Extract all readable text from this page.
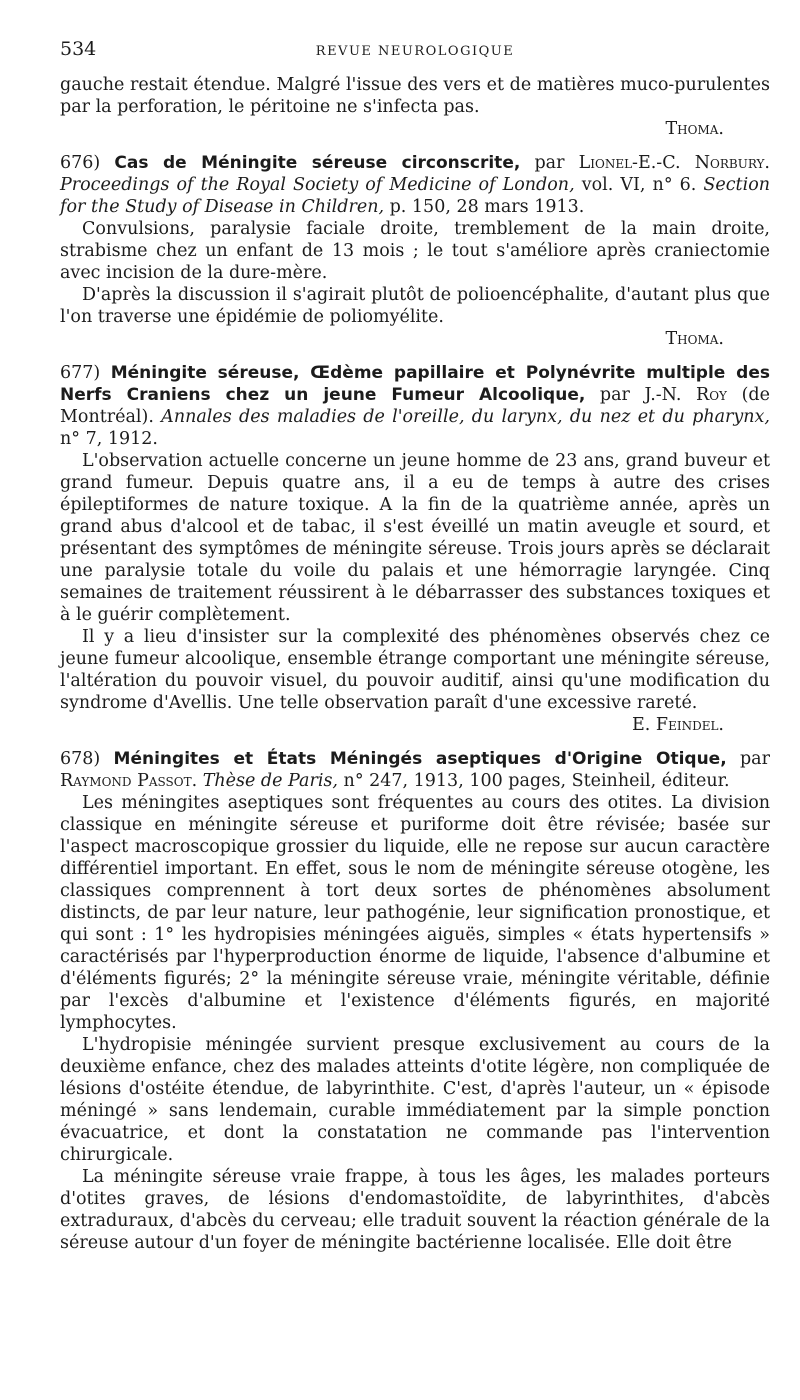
534	REVUE NEUROLOGIQUE

gauche restait étendue. Malgré l'issue des vers et de matières muco-purulentes par la perforation, le péritoine ne s'infecta pas.

Thoma.

676) Cas de Méningite séreuse circonscrite, par Lionel-E.-C. Norbury. Proceedings of the Royal Society of Medicine of London, vol. VI, n° 6. Section for the Study of Disease in Children, p. 150, 28 mars 1913.

Convulsions, paralysie faciale droite, tremblement de la main droite, strabisme chez un enfant de 13 mois ; le tout s'améliore après craniectomie avec incision de la dure-mère.

D'après la discussion il s'agirait plutôt de polioencéphalite, d'autant plus que l'on traverse une épidémie de poliomyélite.

Thoma.

677) Méningite séreuse, Œdème papillaire et Polynévrite multiple des Nerfs Craniens chez un jeune Fumeur Alcoolique, par J.-N. Roy (de Montréal). Annales des maladies de l'oreille, du larynx, du nez et du pharynx, n° 7, 1912.

L'observation actuelle concerne un jeune homme de 23 ans, grand buveur et grand fumeur. Depuis quatre ans, il a eu de temps à autre des crises épileptiformes de nature toxique. A la fin de la quatrième année, après un grand abus d'alcool et de tabac, il s'est éveillé un matin aveugle et sourd, et présentant des symptômes de méningite séreuse. Trois jours après se déclarait une paralysie totale du voile du palais et une hémorragie laryngée. Cinq semaines de traitement réussirent à le débarrasser des substances toxiques et à le guérir complètement.

Il y a lieu d'insister sur la complexité des phénomènes observés chez ce jeune fumeur alcoolique, ensemble étrange comportant une méningite séreuse, l'altération du pouvoir visuel, du pouvoir auditif, ainsi qu'une modification du syndrome d'Avellis. Une telle observation paraît d'une excessive rareté.

E. Feindel.

678) Méningites et États Méningés aseptiques d'Origine Otique, par Raymond Passot. Thèse de Paris, n° 247, 1913, 100 pages, Steinheil, éditeur.

Les méningites aseptiques sont fréquentes au cours des otites. La division classique en méningite séreuse et puriforme doit être révisée; basée sur l'aspect macroscopique grossier du liquide, elle ne repose sur aucun caractère différentiel important. En effet, sous le nom de méningite séreuse otogène, les classiques comprennent à tort deux sortes de phénomènes absolument distincts, de par leur nature, leur pathogénie, leur signification pronostique, et qui sont : 1° les hydropisies méningées aiguës, simples « états hypertensifs » caractérisés par l'hyperproduction énorme de liquide, l'absence d'albumine et d'éléments figurés; 2° la méningite séreuse vraie, méningite véritable, définie par l'excès d'albumine et l'existence d'éléments figurés, en majorité lymphocytes.

L'hydropisie méningée survient presque exclusivement au cours de la deuxième enfance, chez des malades atteints d'otite légère, non compliquée de lésions d'ostéite étendue, de labyrinthite. C'est, d'après l'auteur, un « épisode méningé » sans lendemain, curable immédiatement par la simple ponction évacuatrice, et dont la constatation ne commande pas l'intervention chirurgicale.

La méningite séreuse vraie frappe, à tous les âges, les malades porteurs d'otites graves, de lésions d'endomastoïdite, de labyrinthites, d'abcès extraduraux, d'abcès du cerveau; elle traduit souvent la réaction générale de la séreuse autour d'un foyer de méningite bactérienne localisée. Elle doit être
